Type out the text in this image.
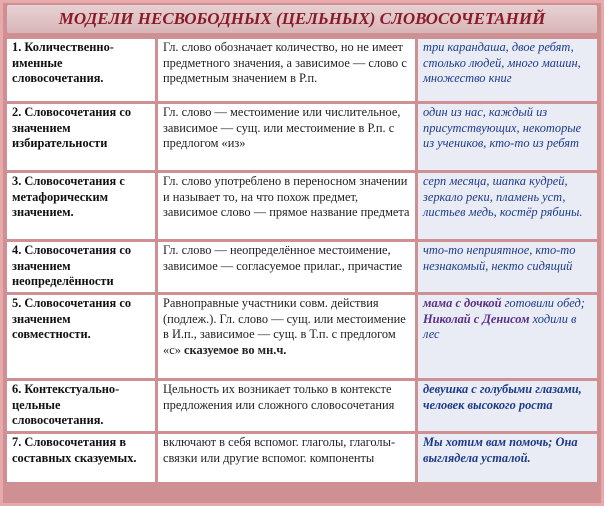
МОДЕЛИ НЕСВОБОДНЫХ (ЦЕЛЬНЫХ) СЛОВОСОЧЕТАНИЙ
1. Количественно-именные словосочетания.	Гл. слово обозначает количество, но не имеет предметного значения, а зависимое — слово с предметным значением в Р.п.	три карандаша, двое ребят, столько людей, много машин, множество книг
2. Словосочетания со значением избирательности	Гл. слово — местоимение или числительное, зависимое — сущ. или местоимение в Р.п. с предлогом «из»	один из нас, каждый из присутствующих, некоторые из учеников, кто-то из ребят
3. Словосочетания с метафорическим значением.	Гл. слово употреблено в переносном значении и называет то, на что похож предмет, зависимое слово — прямое название предмета	серп месяца, шапка кудрей, зеркало реки, пламень уст, листьев медь, костёр рябины.
4. Словосочетания со значением неопределённости	Гл. слово — неопределённое местоимение, зависимое — согласуемое прилаг., причастие	что-то неприятное, кто-то незнакомый, некто сидящий
5. Словосочетания со значением совместности.	Равноправные участники совм. действия (подлеж.). Гл. слово — сущ. или местоимение в И.п., зависимое — сущ. в Т.п. с предлогом «с» сказуемое во мн.ч.	мама с дочкой готовили обед; Николай с Денисом ходили в лес
6. Контекстуально-цельные словосочетания.	Цельность их возникает только в контексте предложения или сложного словосочетания	девушка с голубыми глазами, человек высокого роста
7. Словосочетания в составных сказуемых.	включают в себя вспомог. глаголы, глаголы-связки или другие вспомог. компоненты	Мы хотим вам помочь; Она выглядела усталой.
